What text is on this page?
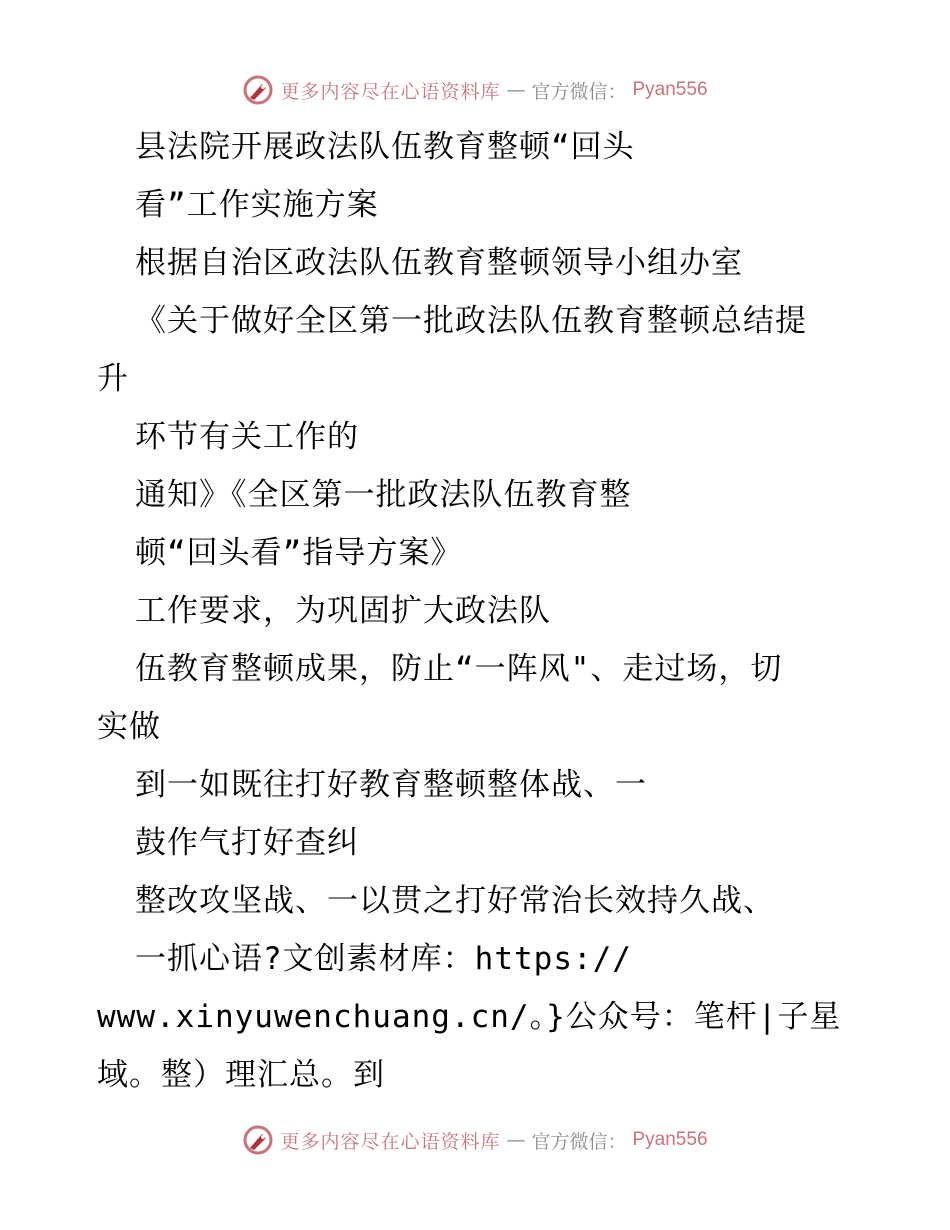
更多内容尽在心语资料库 — 官方微信： Pyan556
县法院开展政法队伍教育整顿“回头
看”工作实施方案
根据自治区政法队伍教育整顿领导小组办室
《关于做好全区第一批政法队伍教育整顿总结提
升
环节有关工作的
通知》《全区第一批政法队伍教育整
顿“回头看”指导方案》
工作要求，为巩固扩大政法队
伍教育整顿成果，防止“一阵风"、走过场，切
实做
到一如既往打好教育整顿整体战、一
鼓作气打好查纠
整改攻坚战、一以贯之打好常治长效持久战、
一抓心语?文创素材库：https://
www.xinyuwenchuang.cn/。}公众号：笔杆|子星
域。整）理汇总。到
更多内容尽在心语资料库 — 官方微信： Pyan556
